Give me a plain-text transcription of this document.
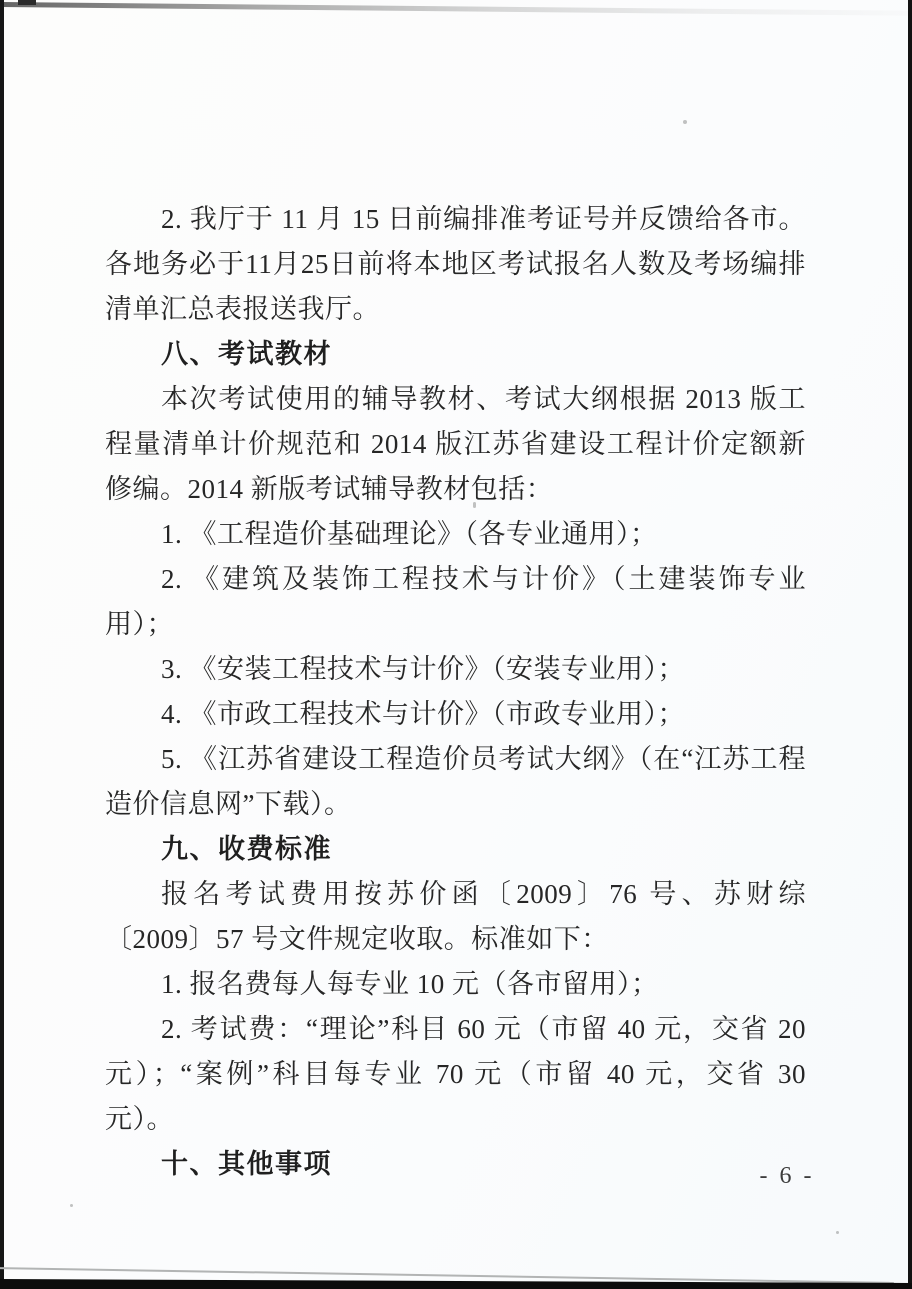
2. 我厅于 11 月 15 日前编排准考证号并反馈给各市。各地务必于11月25日前将本地区考试报名人数及考场编排清单汇总表报送我厅。

八、考试教材

本次考试使用的辅导教材、考试大纲根据 2013 版工程量清单计价规范和 2014 版江苏省建设工程计价定额新修编。2014 新版考试辅导教材包括：

1. 《工程造价基础理论》（各专业通用）；

2. 《建筑及装饰工程技术与计价》（土建装饰专业用）；

3. 《安装工程技术与计价》（安装专业用）；

4. 《市政工程技术与计价》（市政专业用）；

5. 《江苏省建设工程造价员考试大纲》（在“江苏工程造价信息网”下载）。

九、收费标准

报名考试费用按苏价函〔2009〕76 号、苏财综〔2009〕57 号文件规定收取。标准如下：

1. 报名费每人每专业 10 元（各市留用）；

2. 考试费：“理论”科目 60 元（市留 40 元，交省 20 元）；“案例”科目每专业 70 元（市留 40 元，交省 30 元）。

十、其他事项	- 6 -
